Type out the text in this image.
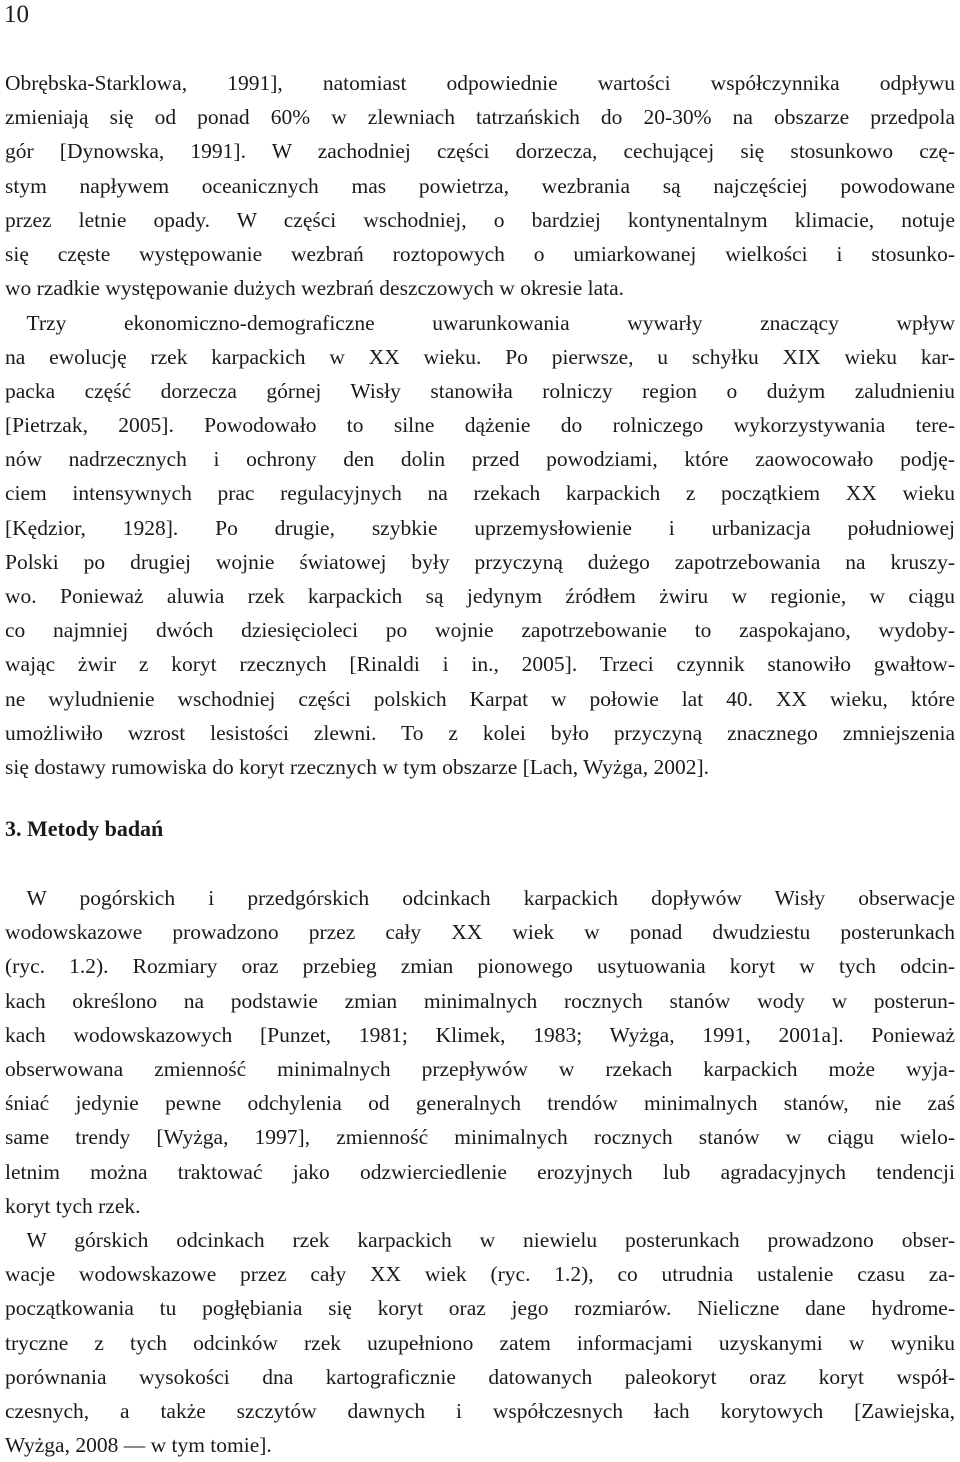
10
Obrębska-Starklowa, 1991], natomiast odpowiednie wartości współczynnika odpływu
zmieniają się od ponad 60% w zlewniach tatrzańskich do 20-30% na obszarze przedpola
gór [Dynowska, 1991]. W zachodniej części dorzecza, cechującej się stosunkowo czę-
stym napływem oceanicznych mas powietrza, wezbrania są najczęściej powodowane
przez letnie opady. W części wschodniej, o bardziej kontynentalnym klimacie, notuje
się częste występowanie wezbrań roztopowych o umiarkowanej wielkości i stosunko-
wo rzadkie występowanie dużych wezbrań deszczowych w okresie lata.
 Trzy ekonomiczno-demograficzne uwarunkowania wywarły znaczący wpływ
na ewolucję rzek karpackich w XX wieku. Po pierwsze, u schyłku XIX wieku kar-
packa część dorzecza górnej Wisły stanowiła rolniczy region o dużym zaludnieniu
[Pietrzak, 2005]. Powodowało to silne dążenie do rolniczego wykorzystywania tere-
nów nadrzecznych i ochrony den dolin przed powodziami, które zaowocowało podję-
ciem intensywnych prac regulacyjnych na rzekach karpackich z początkiem XX wieku
[Kędzior, 1928]. Po drugie, szybkie uprzemysłowienie i urbanizacja południowej
Polski po drugiej wojnie światowej były przyczyną dużego zapotrzebowania na kruszy-
wo. Ponieważ aluwia rzek karpackich są jedynym źródłem żwiru w regionie, w ciągu
co najmniej dwóch dziesięcioleci po wojnie zapotrzebowanie to zaspokajano, wydoby-
wając żwir z koryt rzecznych [Rinaldi i in., 2005]. Trzeci czynnik stanowiło gwałtow-
ne wyludnienie wschodniej części polskich Karpat w połowie lat 40. XX wieku, które
umożliwiło wzrost lesistości zlewni. To z kolei było przyczyną znacznego zmniejszenia
się dostawy rumowiska do koryt rzecznych w tym obszarze [Lach, Wyżga, 2002].
3. Metody badań
 W pogórskich i przedgórskich odcinkach karpackich dopływów Wisły obserwacje
wodowskazowe prowadzono przez cały XX wiek w ponad dwudziestu posterunkach
(ryc. 1.2). Rozmiary oraz przebieg zmian pionowego usytuowania koryt w tych odcin-
kach określono na podstawie zmian minimalnych rocznych stanów wody w posterun-
kach wodowskazowych [Punzet, 1981; Klimek, 1983; Wyżga, 1991, 2001a]. Ponieważ
obserwowana zmienność minimalnych przepływów w rzekach karpackich może wyja-
śniać jedynie pewne odchylenia od generalnych trendów minimalnych stanów, nie zaś
same trendy [Wyżga, 1997], zmienność minimalnych rocznych stanów w ciągu wielo-
letnim można traktować jako odzwierciedlenie erozyjnych lub agradacyjnych tendencji
koryt tych rzek.
 W górskich odcinkach rzek karpackich w niewielu posterunkach prowadzono obser-
wacje wodowskazowe przez cały XX wiek (ryc. 1.2), co utrudnia ustalenie czasu za-
początkowania tu pogłębiania się koryt oraz jego rozmiarów. Nieliczne dane hydrome-
tryczne z tych odcinków rzek uzupełniono zatem informacjami uzyskanymi w wyniku
porównania wysokości dna kartograficznie datowanych paleokoryt oraz koryt współ-
czesnych, a także szczytów dawnych i współczesnych łach korytowych [Zawiejska,
Wyżga, 2008 — w tym tomie].
